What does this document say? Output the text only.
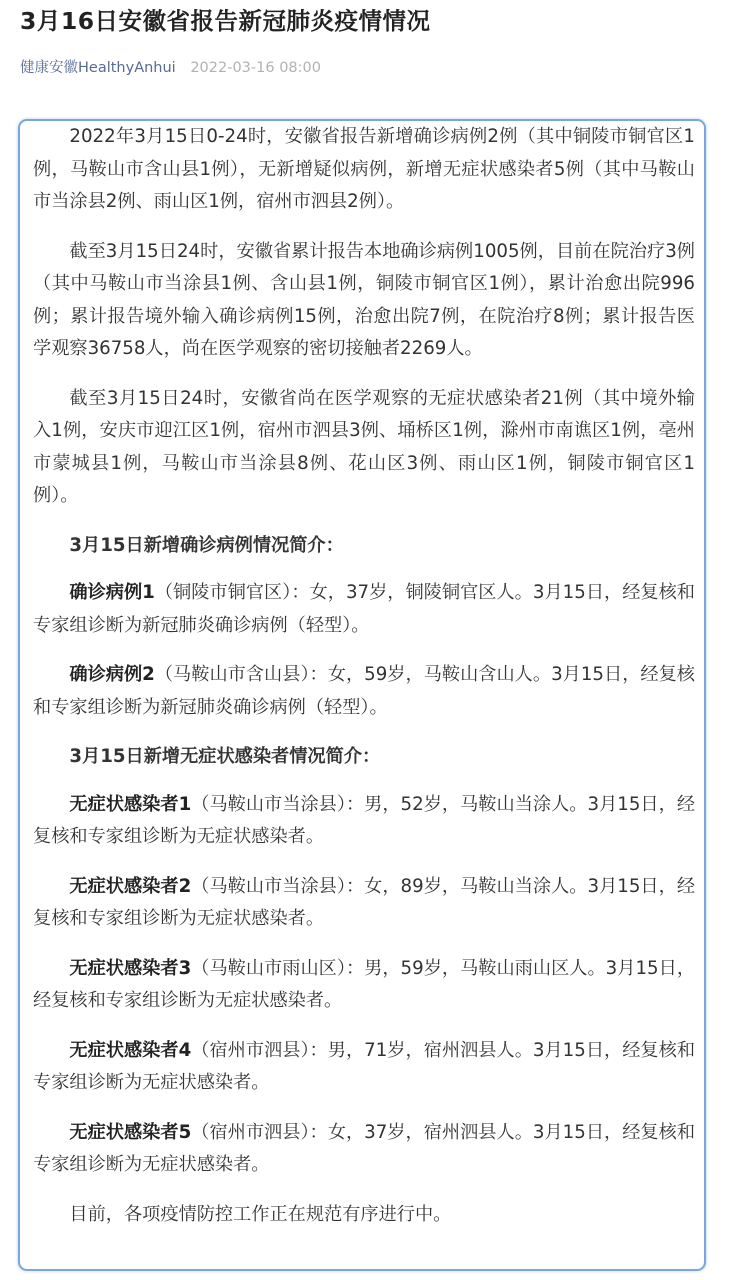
3月16日安徽省报告新冠肺炎疫情情况
健康安徽HealthyAnhui 2022-03-16 08:00

2022年3月15日0-24时，安徽省报告新增确诊病例2例（其中铜陵市铜官区1例，马鞍山市含山县1例），无新增疑似病例，新增无症状感染者5例（其中马鞍山市当涂县2例、雨山区1例，宿州市泗县2例）。

截至3月15日24时，安徽省累计报告本地确诊病例1005例，目前在院治疗3例（其中马鞍山市当涂县1例、含山县1例，铜陵市铜官区1例），累计治愈出院996例；累计报告境外输入确诊病例15例，治愈出院7例，在院治疗8例；累计报告医学观察36758人，尚在医学观察的密切接触者2269人。

截至3月15日24时，安徽省尚在医学观察的无症状感染者21例（其中境外输入1例，安庆市迎江区1例，宿州市泗县3例、埇桥区1例，滁州市南谯区1例，亳州市蒙城县1例，马鞍山市当涂县8例、花山区3例、雨山区1例，铜陵市铜官区1例）。

3月15日新增确诊病例情况简介：

确诊病例1（铜陵市铜官区）：女，37岁，铜陵铜官区人。3月15日，经复核和专家组诊断为新冠肺炎确诊病例（轻型）。

确诊病例2（马鞍山市含山县）：女，59岁，马鞍山含山人。3月15日，经复核和专家组诊断为新冠肺炎确诊病例（轻型）。

3月15日新增无症状感染者情况简介：

无症状感染者1（马鞍山市当涂县）：男，52岁，马鞍山当涂人。3月15日，经复核和专家组诊断为无症状感染者。

无症状感染者2（马鞍山市当涂县）：女，89岁，马鞍山当涂人。3月15日，经复核和专家组诊断为无症状感染者。

无症状感染者3（马鞍山市雨山区）：男，59岁，马鞍山雨山区人。3月15日，经复核和专家组诊断为无症状感染者。

无症状感染者4（宿州市泗县）：男，71岁，宿州泗县人。3月15日，经复核和专家组诊断为无症状感染者。

无症状感染者5（宿州市泗县）：女，37岁，宿州泗县人。3月15日，经复核和专家组诊断为无症状感染者。

目前，各项疫情防控工作正在规范有序进行中。
